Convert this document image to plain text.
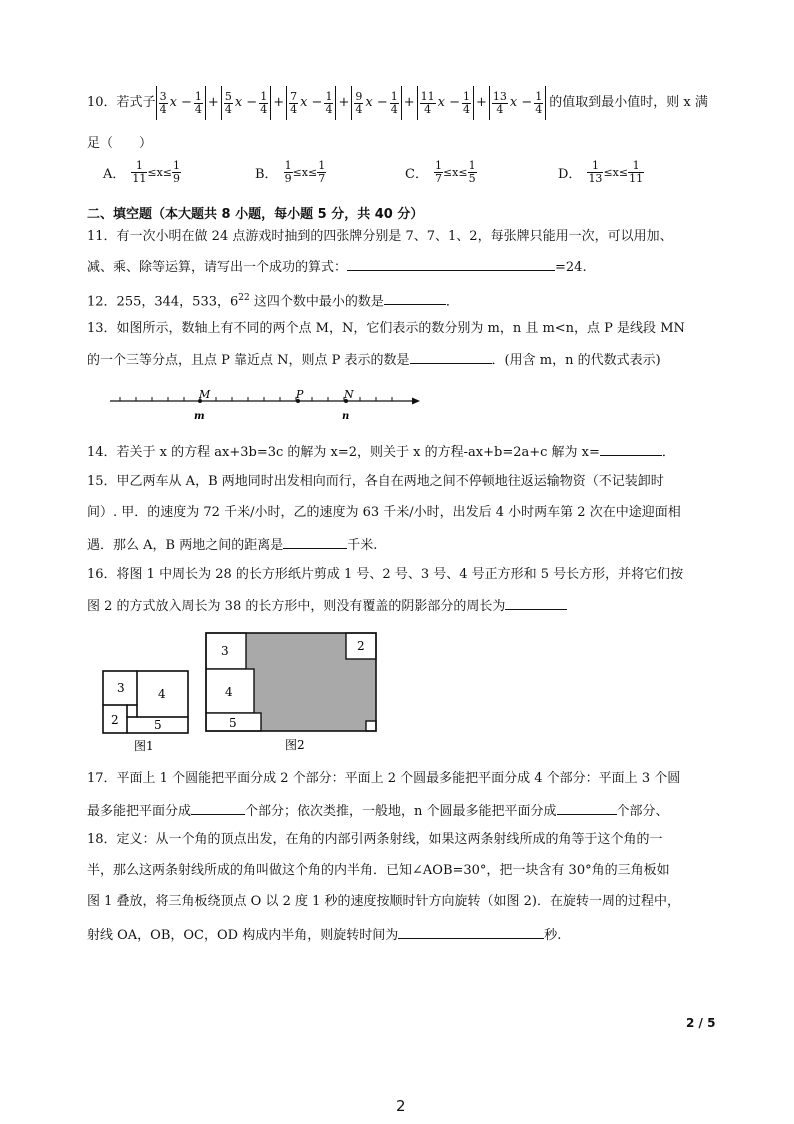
10． 若式子 $\frac{3}{4}$ $x - \frac{1}{4} + \frac{5}{4}$ $x - \frac{1}{4} + \frac{7}{4}$ $x - \frac{1}{4} + \frac{9}{4}$ $x - \frac{1}{4} + \frac{11}{4}$ $x - \frac{1}{4} + \frac{13}{4}$ $x - \frac{1}{4}$ 的值取到最小值时，则 x 满
足（　　）
A． $\frac{1}{11} \le x\le \frac{1}{9}$	B． $\frac{1}{9} \le x\le \frac{1}{7}$	C． $\frac{1}{7} \le x\le \frac{1}{5}$	D． $\frac{1}{13} \le x\le \frac{1}{11}$
二、填空题（本大题共 8 小题，每小题 5 分，共 40 分）
11．有一次小明在做 24 点游戏时抽到的四张牌分别是 7、7、1、2，每张牌只能用一次，可以用加、
减、乘、除等运算，请写出一个成功的算式：	=24.
12．255，344，533，$6^{22}$ 这四个数中最小的数是	．
13．如图所示，数轴上有不同的两个点 M，N，它们表示的数分别为 m，n 且 m<n，点 P 是线段 MN
的一个三等分点，且点 P 靠近点 N，则点 P 表示的数是	．(用含 m，n 的代数式表示)
M	P	N
m	n
14．若关于 x 的方程 ax+3b=3c 的解为 x=2，则关于 x 的方程-ax+b=2a+c 解为 x=	．
15．甲乙两车从 A，B 两地同时出发相向而行，各自在两地之间不停顿地往返运输物资（不记装卸时
间）. 甲．的速度为 72 千米/小时，乙的速度为 63 千米/小时，出发后 4 小时两车第 2 次在中途迎面相
遇．那么 A，B 两地之间的距离是	千米.
16．将图 1 中周长为 28 的长方形纸片剪成 1 号、2 号、3 号、4 号正方形和 5 号长方形，并将它们按
图 2 的方式放入周长为 38 的长方形中，则没有覆盖的阴影部分的周长为
3	4
2	5
图1
3	2
4
5
图2
17．平面上 1 个圆能把平面分成 2 个部分：平面上 2 个圆最多能把平面分成 4 个部分：平面上 3 个圆
最多能把平面分成	个部分；依次类推，一般地，n 个圆最多能把平面分成	个部分、
18．定义：从一个角的顶点出发，在角的内部引两条射线，如果这两条射线所成的角等于这个角的一
半，那么这两条射线所成的角叫做这个角的内半角．已知∠AOB=30°，把一块含有 30°角的三角板如
图 1 叠放，将三角板绕顶点 O 以 2 度 1 秒的速度按顺时针方向旋转（如图 2)．在旋转一周的过程中，
射线 OA，OB，OC，OD 构成内半角，则旋转时间为	秒.
2 / 5
2
